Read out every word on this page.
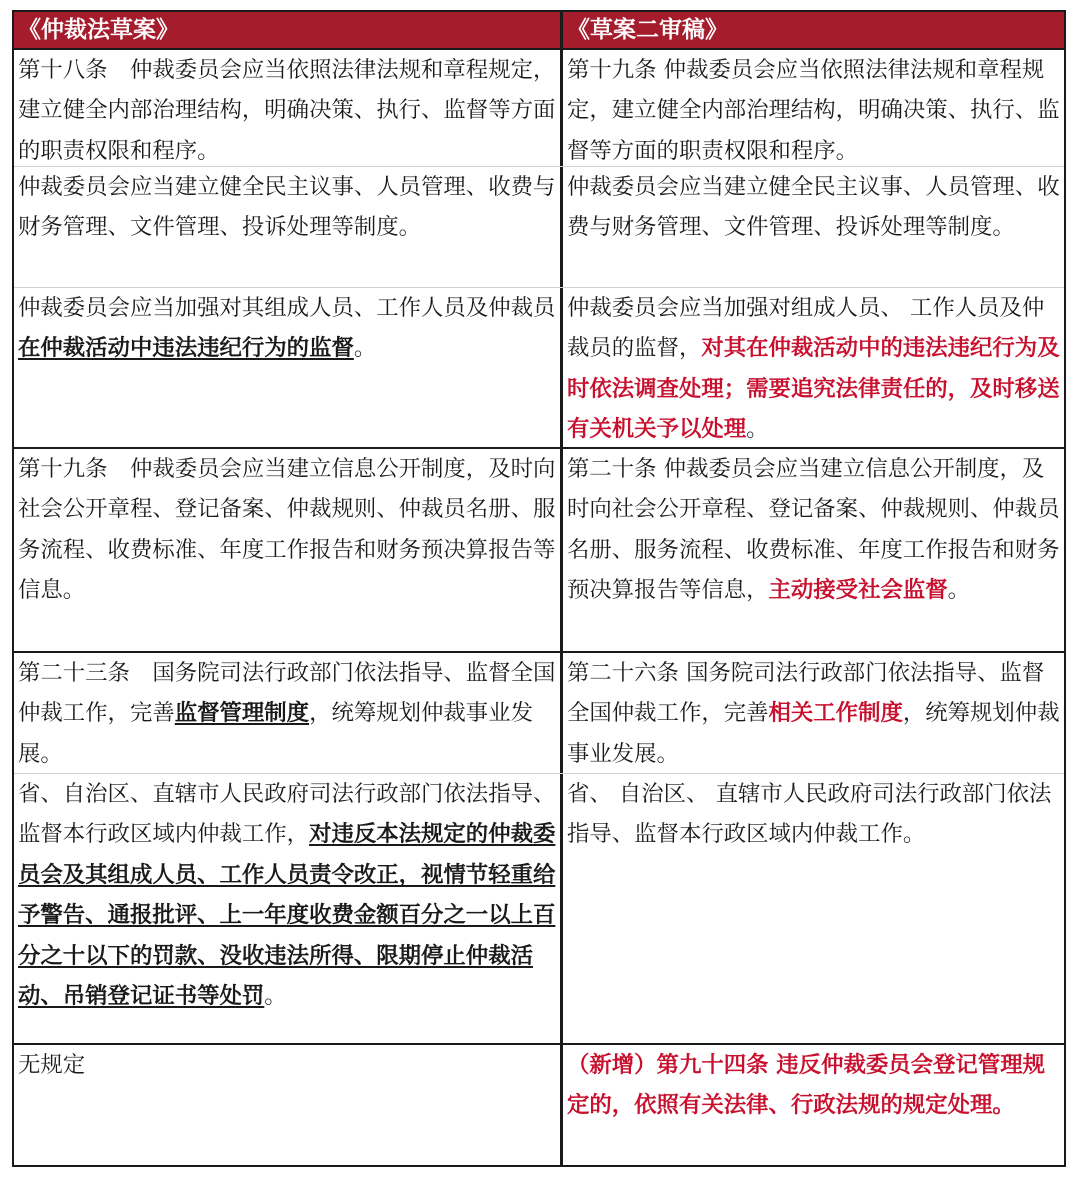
《仲裁法草案》	《草案二审稿》
第十八条　仲裁委员会应当依照法律法规和章程规定，建立健全内部治理结构，明确决策、执行、监督等方面的职责权限和程序。
第十九条 仲裁委员会应当依照法律法规和章程规定，建立健全内部治理结构，明确决策、执行、监督等方面的职责权限和程序。
仲裁委员会应当建立健全民主议事、人员管理、收费与财务管理、文件管理、投诉处理等制度。
仲裁委员会应当建立健全民主议事、人员管理、收费与财务管理、文件管理、投诉处理等制度。
仲裁委员会应当加强对其组成人员、工作人员及仲裁员在仲裁活动中违法违纪行为的监督。
仲裁委员会应当加强对组成人员、 工作人员及仲裁员的监督，对其在仲裁活动中的违法违纪行为及时依法调查处理；需要追究法律责任的，及时移送有关机关予以处理。
第十九条　仲裁委员会应当建立信息公开制度，及时向社会公开章程、登记备案、仲裁规则、仲裁员名册、服务流程、收费标准、年度工作报告和财务预决算报告等信息。
第二十条 仲裁委员会应当建立信息公开制度，及时向社会公开章程、登记备案、仲裁规则、仲裁员名册、服务流程、收费标准、年度工作报告和财务预决算报告等信息，主动接受社会监督。
第二十三条　国务院司法行政部门依法指导、监督全国仲裁工作，完善监督管理制度，统筹规划仲裁事业发展。
第二十六条 国务院司法行政部门依法指导、监督全国仲裁工作，完善相关工作制度，统筹规划仲裁事业发展。
省、自治区、直辖市人民政府司法行政部门依法指导、监督本行政区域内仲裁工作，对违反本法规定的仲裁委员会及其组成人员、工作人员责令改正，视情节轻重给予警告、通报批评、上一年度收费金额百分之一以上百分之十以下的罚款、没收违法所得、限期停止仲裁活动、吊销登记证书等处罚。
省、 自治区、 直辖市人民政府司法行政部门依法指导、监督本行政区域内仲裁工作。
无规定	（新增）第九十四条 违反仲裁委员会登记管理规定的，依照有关法律、行政法规的规定处理。
